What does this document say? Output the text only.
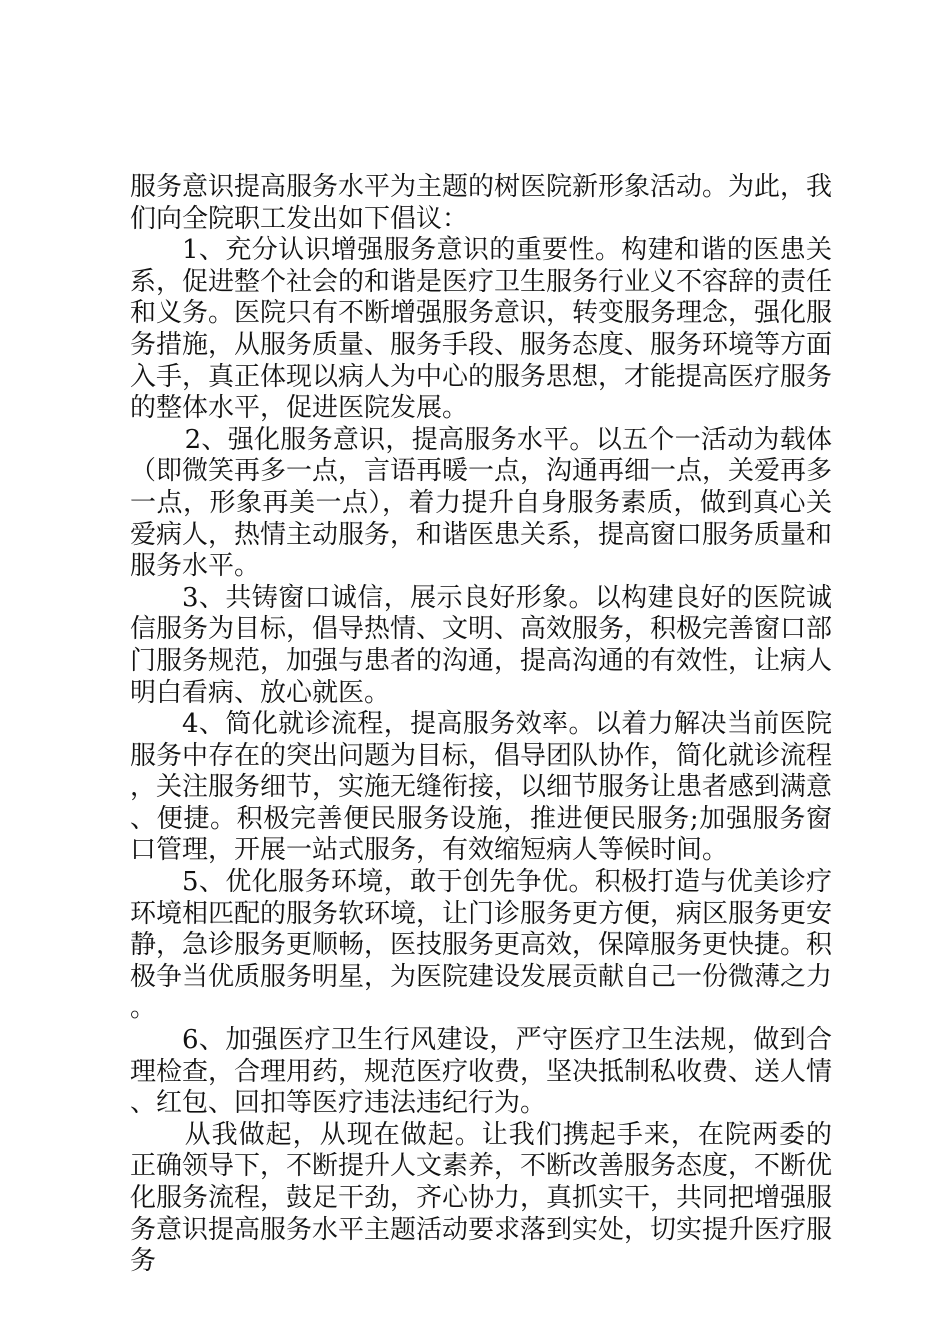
服务意识提高服务水平为主题的树医院新形象活动。为此，我们向全院职工发出如下倡议：

1、充分认识增强服务意识的重要性。构建和谐的医患关系，促进整个社会的和谐是医疗卫生服务行业义不容辞的责任和义务。医院只有不断增强服务意识，转变服务理念，强化服务措施，从服务质量、服务手段、服务态度、服务环境等方面入手，真正体现以病人为中心的服务思想，才能提高医疗服务的整体水平，促进医院发展。

2、强化服务意识，提高服务水平。以五个一活动为载体（即微笑再多一点，言语再暖一点，沟通再细一点，关爱再多一点，形象再美一点），着力提升自身服务素质，做到真心关爱病人，热情主动服务，和谐医患关系，提高窗口服务质量和服务水平。

3、共铸窗口诚信，展示良好形象。以构建良好的医院诚信服务为目标，倡导热情、文明、高效服务，积极完善窗口部门服务规范，加强与患者的沟通，提高沟通的有效性，让病人明白看病、放心就医。

4、简化就诊流程，提高服务效率。以着力解决当前医院服务中存在的突出问题为目标，倡导团队协作，简化就诊流程，关注服务细节，实施无缝衔接，以细节服务让患者感到满意、便捷。积极完善便民服务设施，推进便民服务;加强服务窗口管理，开展一站式服务，有效缩短病人等候时间。

5、优化服务环境，敢于创先争优。积极打造与优美诊疗环境相匹配的服务软环境，让门诊服务更方便，病区服务更安静，急诊服务更顺畅，医技服务更高效，保障服务更快捷。积极争当优质服务明星，为医院建设发展贡献自己一份微薄之力。

6、加强医疗卫生行风建设，严守医疗卫生法规，做到合理检查，合理用药，规范医疗收费，坚决抵制私收费、送人情、红包、回扣等医疗违法违纪行为。

从我做起，从现在做起。让我们携起手来，在院两委的正确领导下，不断提升人文素养，不断改善服务态度，不断优化服务流程，鼓足干劲，齐心协力，真抓实干，共同把增强服务意识提高服务水平主题活动要求落到实处，切实提升医疗服务
